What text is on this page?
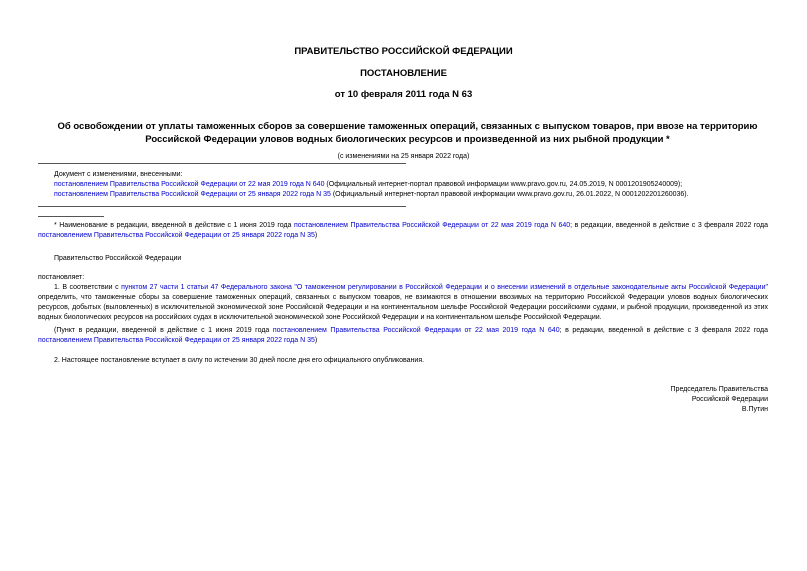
ПРАВИТЕЛЬСТВО РОССИЙСКОЙ ФЕДЕРАЦИИ
ПОСТАНОВЛЕНИЕ
от 10 февраля 2011 года N 63
Об освобождении от уплаты таможенных сборов за совершение таможенных операций, связанных с выпуском товаров, при ввозе на территорию Российской Федерации уловов водных биологических ресурсов и произведенной из них рыбной продукции *
(с изменениями на 25 января 2022 года)
Документ с изменениями, внесенными:
постановлением Правительства Российской Федерации от 22 мая 2019 года N 640 (Официальный интернет-портал правовой информации www.pravo.gov.ru, 24.05.2019, N 0001201905240009);
постановлением Правительства Российской Федерации от 25 января 2022 года N 35 (Официальный интернет-портал правовой информации www.pravo.gov.ru, 26.01.2022, N 0001202201260036).
* Наименование в редакции, введенной в действие с 1 июня 2019 года постановлением Правительства Российской Федерации от 22 мая 2019 года N 640; в редакции, введенной в действие с 3 февраля 2022 года постановлением Правительства Российской Федерации от 25 января 2022 года N 35)
Правительство Российской Федерации
постановляет:
1. В соответствии с пунктом 27 части 1 статьи 47 Федерального закона "О таможенном регулировании в Российской Федерации и о внесении изменений в отдельные законодательные акты Российской Федерации" определить, что таможенные сборы за совершение таможенных операций, связанных с выпуском товаров, не взимаются в отношении ввозимых на территорию Российской Федерации уловов водных биологических ресурсов, добытых (выловленных) в исключительной экономической зоне Российской Федерации и на континентальном шельфе Российской Федерации российскими судами, и рыбной продукции, произведенной из этих водных биологических ресурсов на российских судах в исключительной экономической зоне Российской Федерации и на континентальном шельфе Российской Федерации.
(Пункт в редакции, введенной в действие с 1 июня 2019 года постановлением Правительства Российской Федерации от 22 мая 2019 года N 640; в редакции, введенной в действие с 3 февраля 2022 года постановлением Правительства Российской Федерации от 25 января 2022 года N 35)
2. Настоящее постановление вступает в силу по истечении 30 дней после дня его официального опубликования.
Председатель Правительства
Российской Федерации
В.Путин
